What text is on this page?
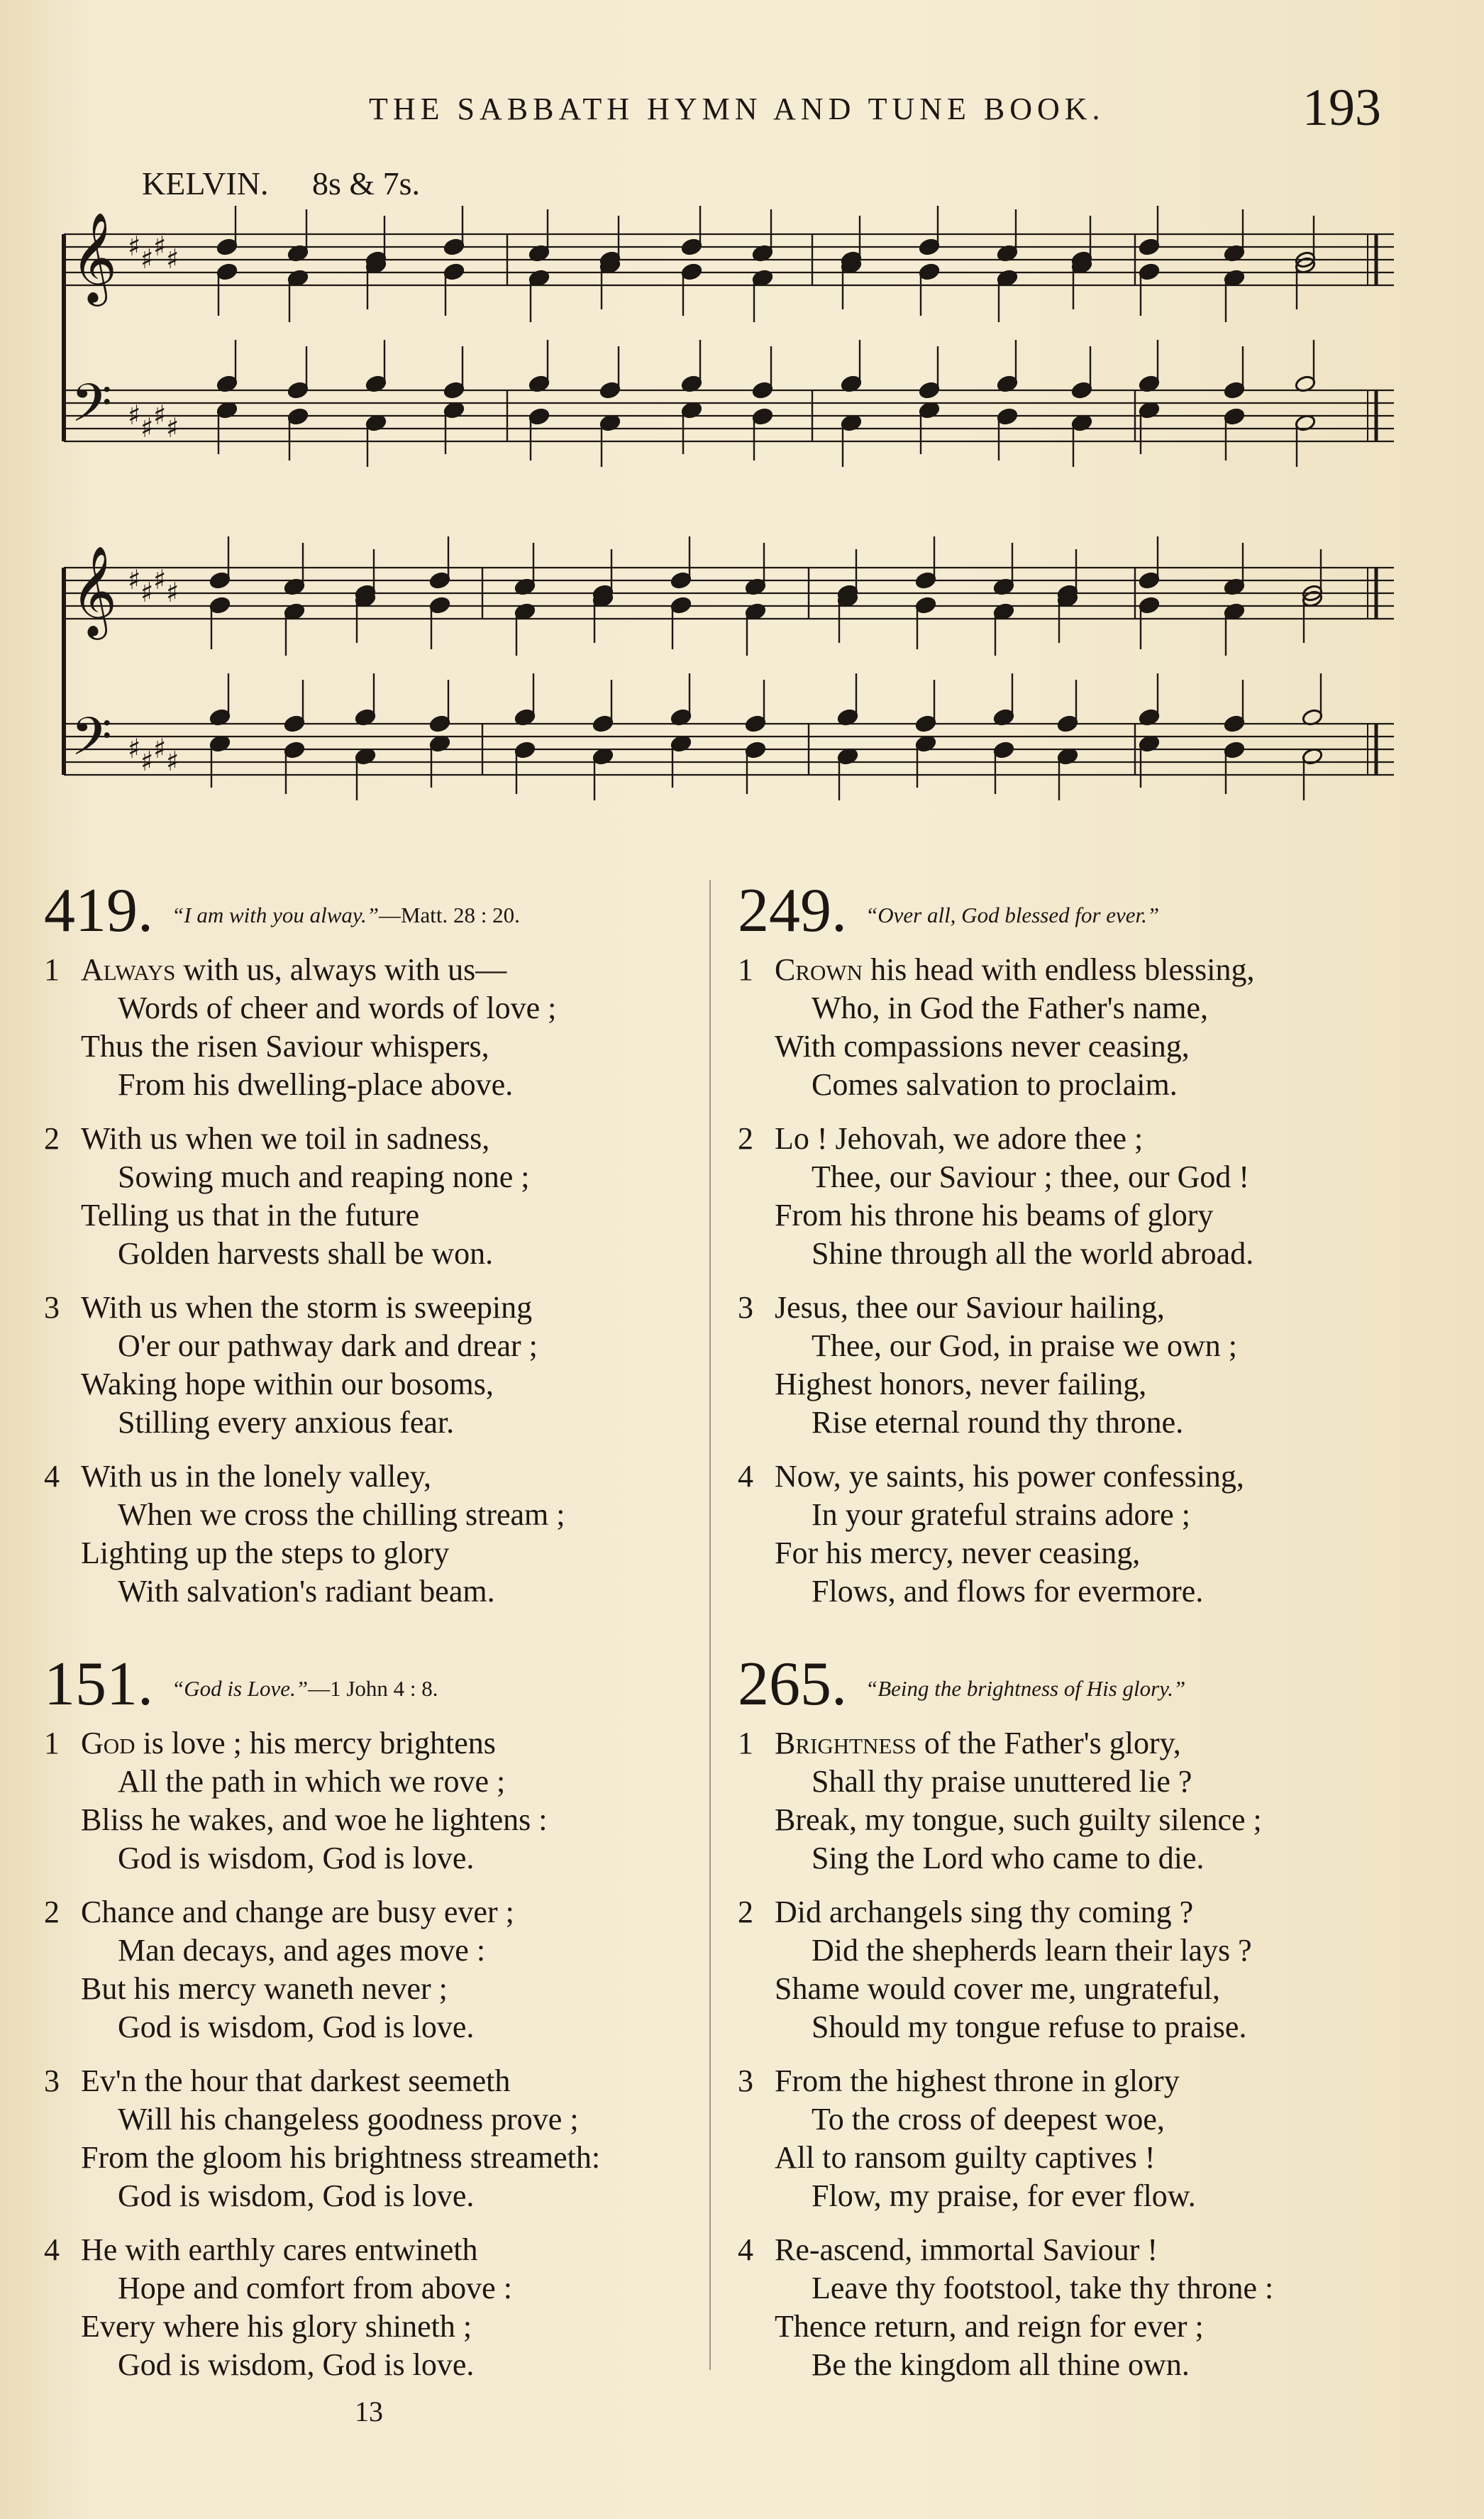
THE SABBATH HYMN AND TUNE BOOK.	193
KELVIN. 8s & 7s.
𝄞
𝄢
♯
♯
♯
♯
♯
♯
♯
♯
𝄞
𝄢
♯
♯
♯
♯
♯
♯
♯
♯
419. “I am with you alway.”—Matt. 28 : 20.
1 Always with us, always with us—
Words of cheer and words of love ;
Thus the risen Saviour whispers,
From his dwelling-place above.
2 With us when we toil in sadness,
Sowing much and reaping none ;
Telling us that in the future
Golden harvests shall be won.
3 With us when the storm is sweeping
O'er our pathway dark and drear ;
Waking hope within our bosoms,
Stilling every anxious fear.
4 With us in the lonely valley,
When we cross the chilling stream ;
Lighting up the steps to glory
With salvation's radiant beam.
151. “God is Love.”—1 John 4 : 8.
1 God is love ; his mercy brightens
All the path in which we rove ;
Bliss he wakes, and woe he lightens :
God is wisdom, God is love.
2 Chance and change are busy ever ;
Man decays, and ages move :
But his mercy waneth never ;
God is wisdom, God is love.
3 Ev'n the hour that darkest seemeth
Will his changeless goodness prove ;
From the gloom his brightness streameth:
God is wisdom, God is love.
4 He with earthly cares entwineth
Hope and comfort from above :
Every where his glory shineth ;
God is wisdom, God is love.
249. “Over all, God blessed for ever.”
1 Crown his head with endless blessing,
Who, in God the Father's name,
With compassions never ceasing,
Comes salvation to proclaim.
2 Lo ! Jehovah, we adore thee ;
Thee, our Saviour ; thee, our God !
From his throne his beams of glory
Shine through all the world abroad.
3 Jesus, thee our Saviour hailing,
Thee, our God, in praise we own ;
Highest honors, never failing,
Rise eternal round thy throne.
4 Now, ye saints, his power confessing,
In your grateful strains adore ;
For his mercy, never ceasing,
Flows, and flows for evermore.
265. “Being the brightness of His glory.”
1 Brightness of the Father's glory,
Shall thy praise unuttered lie ?
Break, my tongue, such guilty silence ;
Sing the Lord who came to die.
2 Did archangels sing thy coming ?
Did the shepherds learn their lays ?
Shame would cover me, ungrateful,
Should my tongue refuse to praise.
3 From the highest throne in glory
To the cross of deepest woe,
All to ransom guilty captives !
Flow, my praise, for ever flow.
4 Re-ascend, immortal Saviour !
Leave thy footstool, take thy throne :
Thence return, and reign for ever ;
Be the kingdom all thine own.
13
